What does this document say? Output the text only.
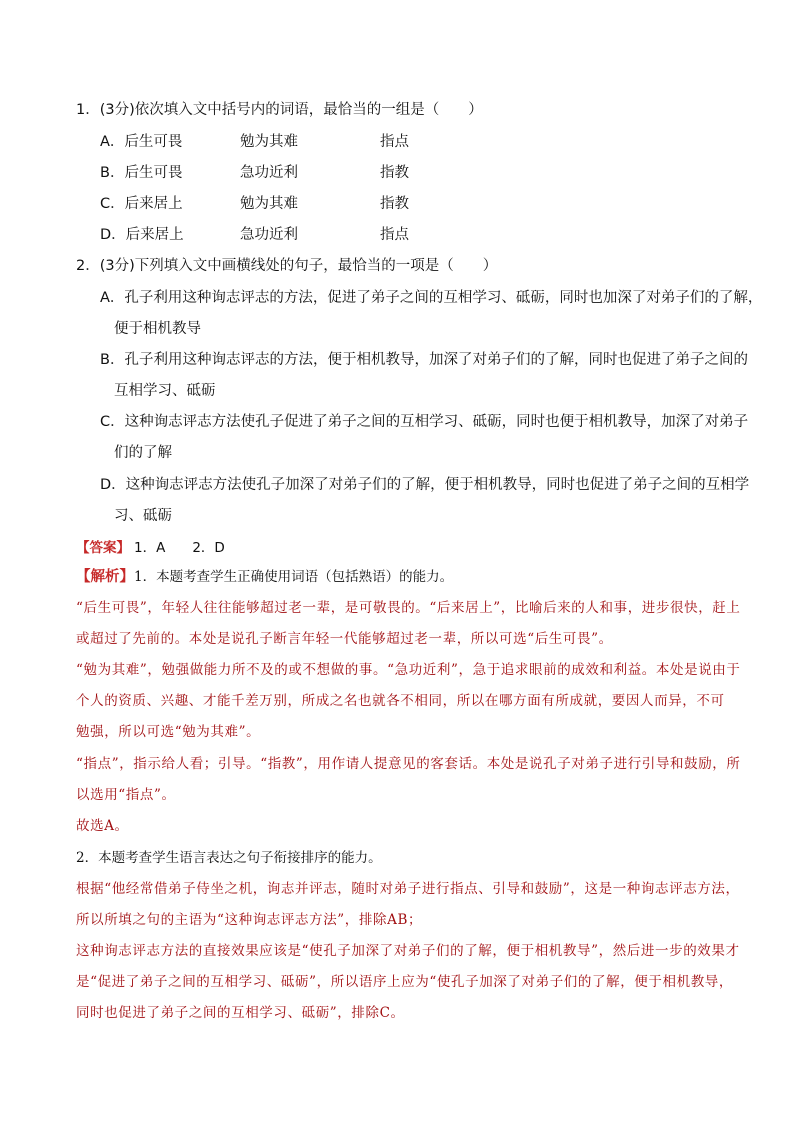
1．(3分)依次填入文中括号内的词语，最恰当的一组是（　　）
A．后生可畏	勉为其难	指点
B．后生可畏	急功近利	指教
C．后来居上	勉为其难	指教
D．后来居上	急功近利	指点
2．(3分)下列填入文中画横线处的句子，最恰当的一项是（　　）
A．孔子利用这种询志评志的方法，促进了弟子之间的互相学习、砥砺，同时也加深了对弟子们的了解，
便于相机教导
B．孔子利用这种询志评志的方法，便于相机教导，加深了对弟子们的了解，同时也促进了弟子之间的
互相学习、砥砺
C．这种询志评志方法使孔子促进了弟子之间的互相学习、砥砺，同时也便于相机教导，加深了对弟子
们的了解
D．这种询志评志方法使孔子加深了对弟子们的了解，便于相机教导，同时也促进了弟子之间的互相学
习、砥砺
【答案】 1．A　　2．D
【解析】1．本题考查学生正确使用词语（包括熟语）的能力。
“后生可畏”，年轻人往往能够超过老一辈，是可敬畏的。“后来居上”，比喻后来的人和事，进步很快，赶上
或超过了先前的。本处是说孔子断言年轻一代能够超过老一辈，所以可选“后生可畏”。
“勉为其难”，勉强做能力所不及的或不想做的事。“急功近利”，急于追求眼前的成效和利益。本处是说由于
个人的资质、兴趣、才能千差万别，所成之名也就各不相同，所以在哪方面有所成就，要因人而异，不可
勉强，所以可选“勉为其难”。
“指点”，指示给人看；引导。“指教”，用作请人提意见的客套话。本处是说孔子对弟子进行引导和鼓励，所
以选用“指点”。
故选A。
2．本题考查学生语言表达之句子衔接排序的能力。
根据“他经常借弟子侍坐之机，询志并评志，随时对弟子进行指点、引导和鼓励”，这是一种询志评志方法，
所以所填之句的主语为“这种询志评志方法”，排除AB；
这种询志评志方法的直接效果应该是“使孔子加深了对弟子们的了解，便于相机教导”，然后进一步的效果才
是“促进了弟子之间的互相学习、砥砺”，所以语序上应为“使孔子加深了对弟子们的了解，便于相机教导，
同时也促进了弟子之间的互相学习、砥砺”，排除C。
